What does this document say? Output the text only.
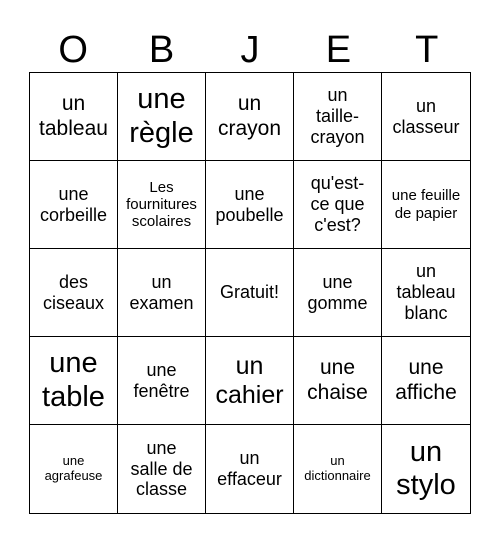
O	B	J	E	T
un tableau
une règle
un crayon
un taille-crayon
un classeur
une corbeille
Les fournitures scolaires
une poubelle
qu'est-ce que c'est?
une feuille de papier
des ciseaux
un examen
Gratuit!
une gomme
un tableau blanc
une table
une fenêtre
un cahier
une chaise
une affiche
une agrafeuse
une salle de classe
un effaceur
un dictionnaire
un stylo
